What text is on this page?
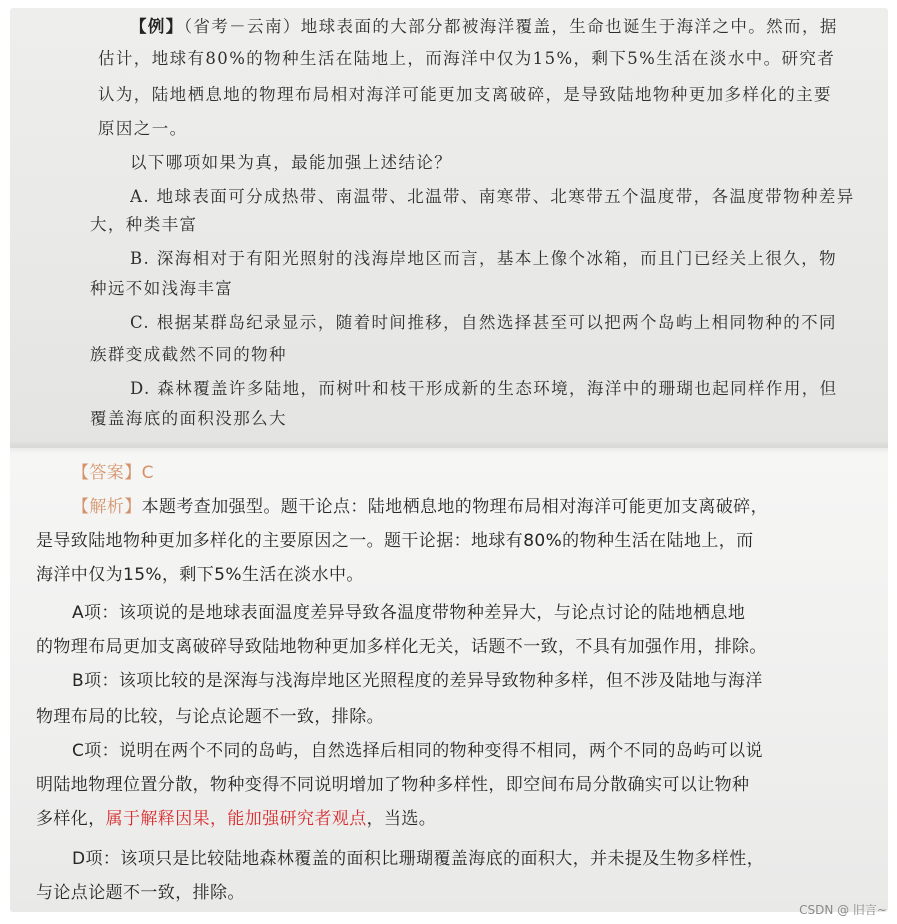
【例】（省考－云南）地球表面的大部分都被海洋覆盖，生命也诞生于海洋之中。然而，据
估计，地球有80%的物种生活在陆地上，而海洋中仅为15%，剩下5%生活在淡水中。研究者
认为，陆地栖息地的物理布局相对海洋可能更加支离破碎，是导致陆地物种更加多样化的主要
原因之一。
以下哪项如果为真，最能加强上述结论？
A. 地球表面可分成热带、南温带、北温带、南寒带、北寒带五个温度带，各温度带物种差异
大，种类丰富
B. 深海相对于有阳光照射的浅海岸地区而言，基本上像个冰箱，而且门已经关上很久，物
种远不如浅海丰富
C. 根据某群岛纪录显示，随着时间推移，自然选择甚至可以把两个岛屿上相同物种的不同
族群变成截然不同的物种
D. 森林覆盖许多陆地，而树叶和枝干形成新的生态环境，海洋中的珊瑚也起同样作用，但
覆盖海底的面积没那么大
【答案】C
【解析】本题考查加强型。题干论点：陆地栖息地的物理布局相对海洋可能更加支离破碎，
是导致陆地物种更加多样化的主要原因之一。题干论据：地球有80%的物种生活在陆地上，而
海洋中仅为15%，剩下5%生活在淡水中。
A项：该项说的是地球表面温度差异导致各温度带物种差异大，与论点讨论的陆地栖息地
的物理布局更加支离破碎导致陆地物种更加多样化无关，话题不一致，不具有加强作用，排除。
B项：该项比较的是深海与浅海岸地区光照程度的差异导致物种多样，但不涉及陆地与海洋
物理布局的比较，与论点论题不一致，排除。
C项：说明在两个不同的岛屿，自然选择后相同的物种变得不相同，两个不同的岛屿可以说
明陆地物理位置分散，物种变得不同说明增加了物种多样性，即空间布局分散确实可以让物种
多样化，属于解释因果，能加强研究者观点，当选。
D项：该项只是比较陆地森林覆盖的面积比珊瑚覆盖海底的面积大，并未提及生物多样性，
与论点论题不一致，排除。
CSDN @ 旧言~
